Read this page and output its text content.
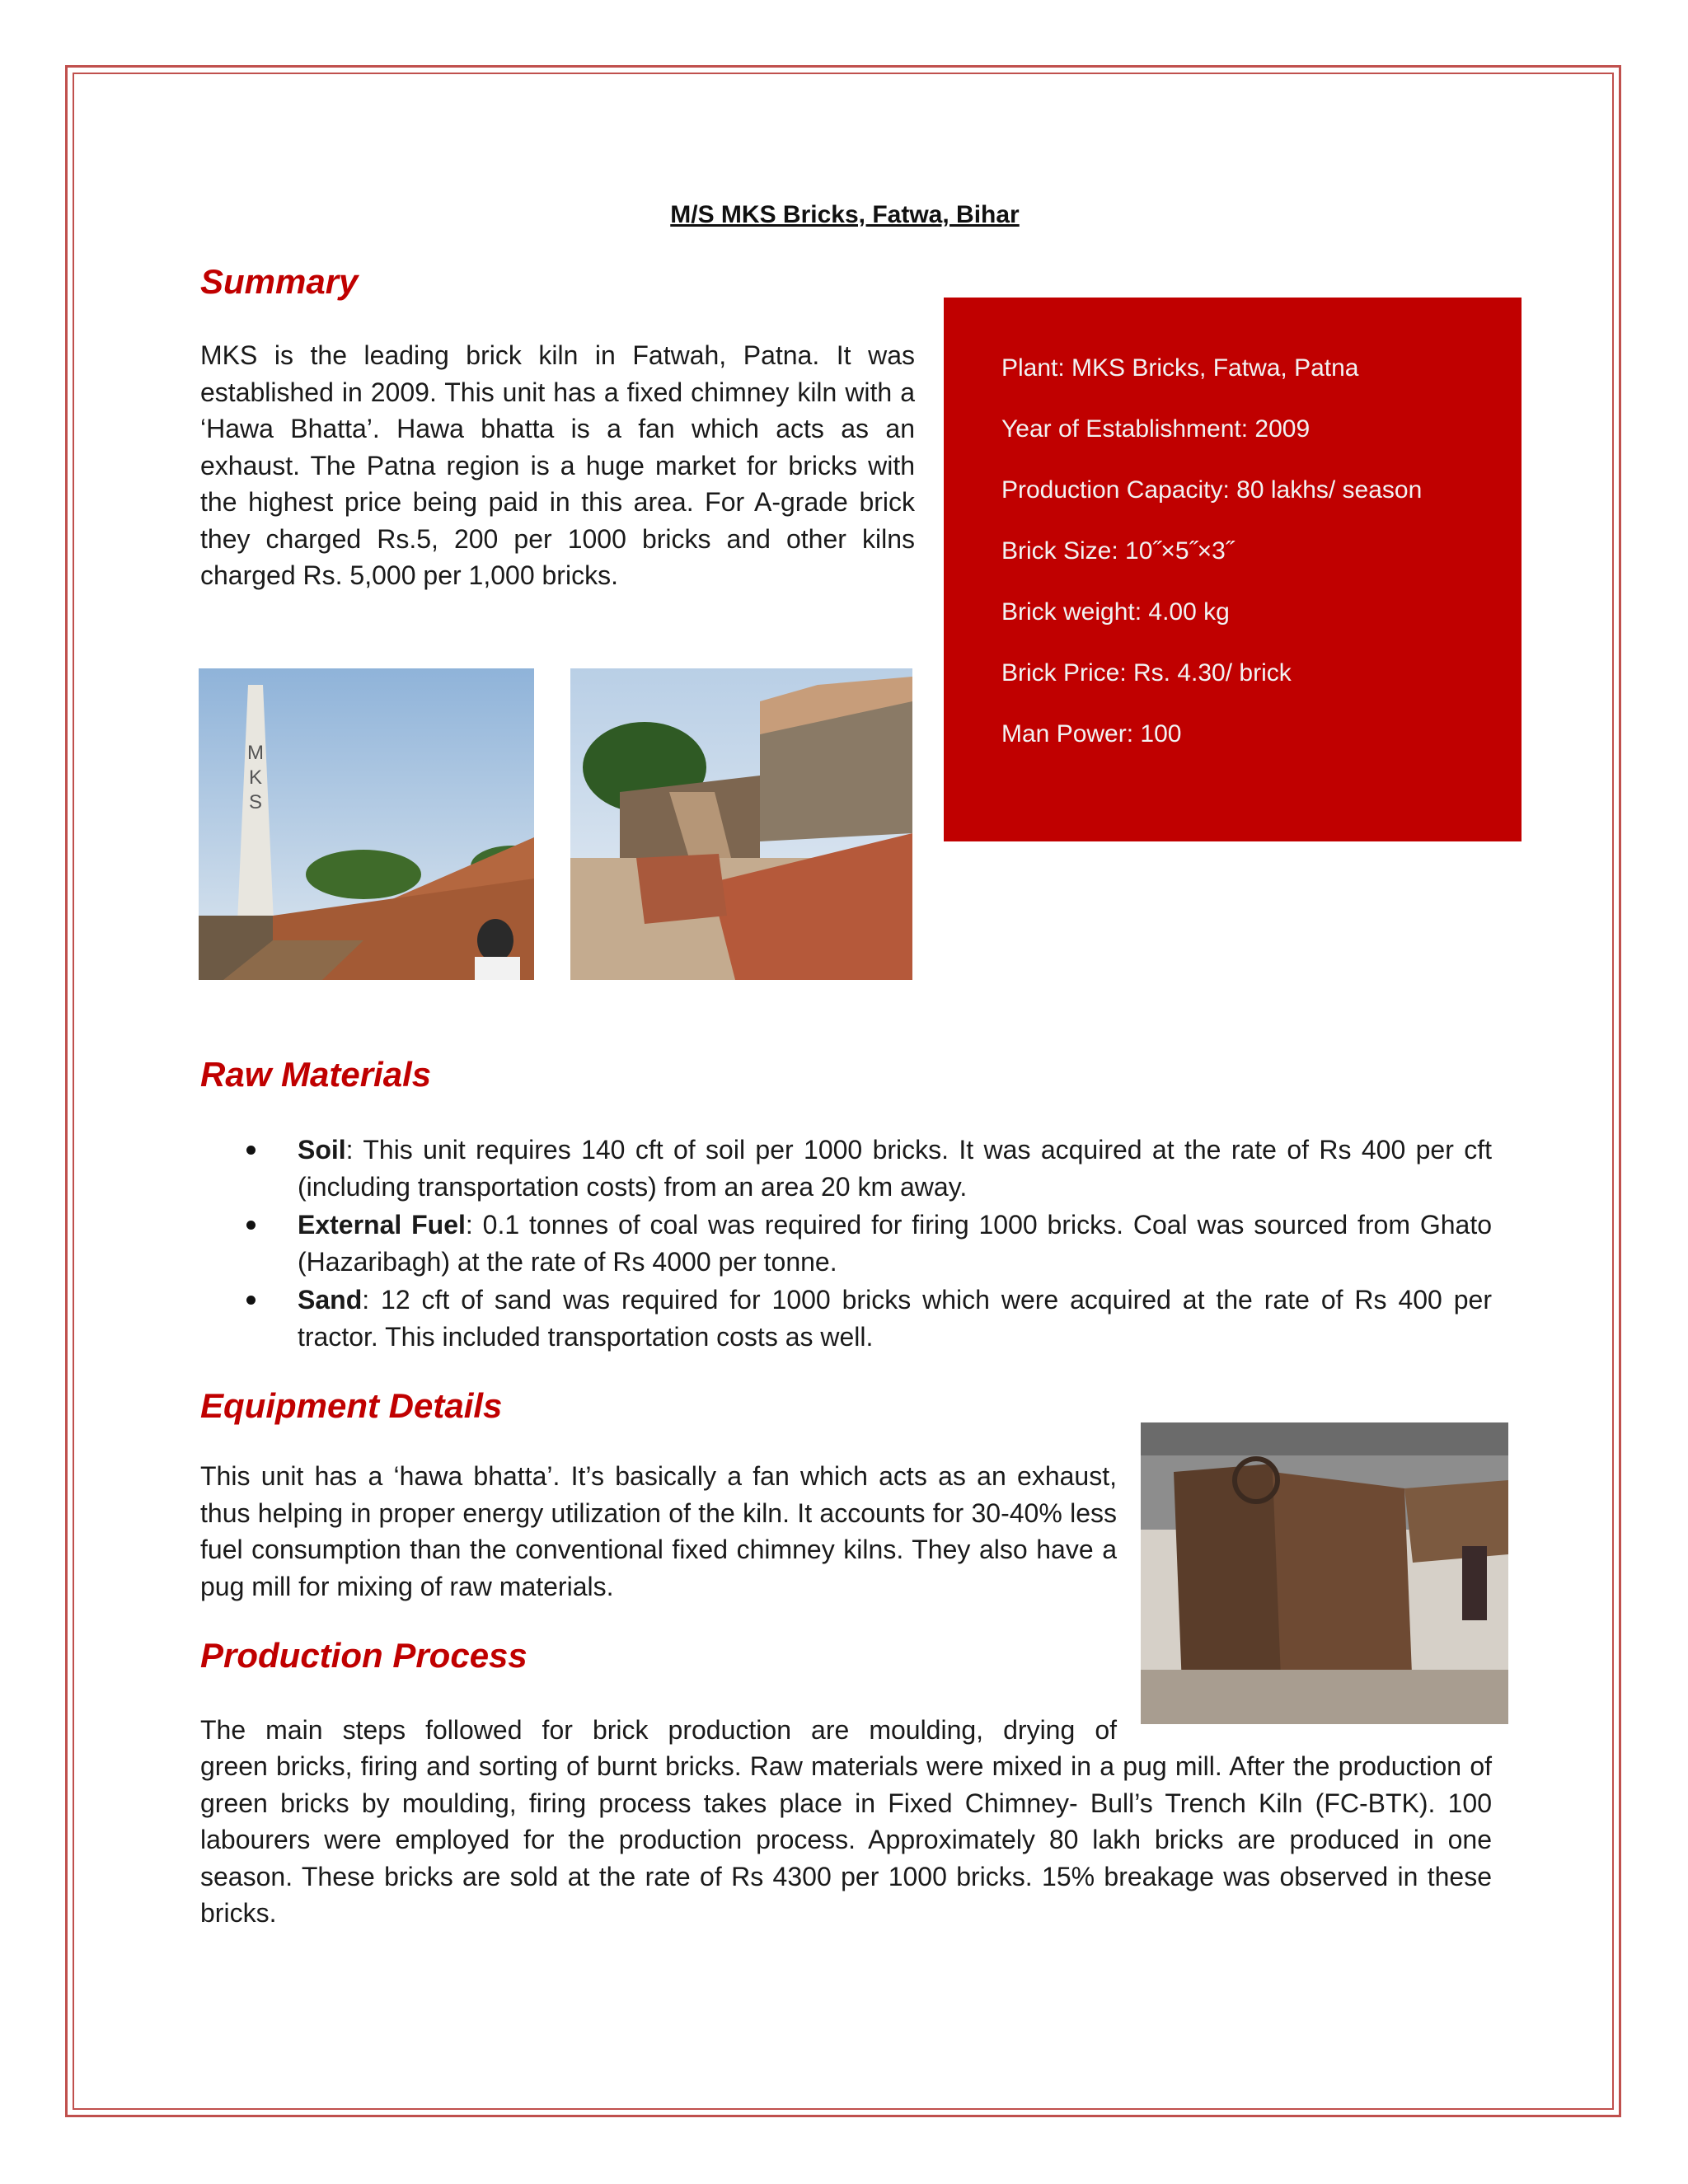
M/S MKS Bricks, Fatwa, Bihar
Summary

MKS is the leading brick kiln in Fatwah, Patna. It was established in 2009. This unit has a fixed chimney kiln with a ‘Hawa Bhatta’. Hawa bhatta is a fan which acts as an exhaust. The Patna region is a huge market for bricks with the highest price being paid in this area. For A-grade brick they charged Rs.5, 200 per 1000 bricks and other kilns charged Rs. 5,000 per 1,000 bricks.

Plant: MKS Bricks, Fatwa, Patna
Year of Establishment: 2009
Production Capacity: 80 lakhs/ season
Brick Size: 10˝×5˝×3˝
Brick weight: 4.00 kg
Brick Price: Rs. 4.30/ brick
Man Power: 100
M
K
S
Raw Materials
Soil: This unit requires 140 cft of soil per 1000 bricks. It was acquired at the rate of Rs 400 per cft (including transportation costs) from an area 20 km away.
External Fuel: 0.1 tonnes of coal was required for firing 1000 bricks. Coal was sourced from Ghato (Hazaribagh) at the rate of Rs 4000 per tonne.
Sand: 12 cft of sand was required for 1000 bricks which were acquired at the rate of Rs 400 per tractor. This included transportation costs as well.
Equipment Details

This unit has a ‘hawa bhatta’. It’s basically a fan which acts as an exhaust, thus helping in proper energy utilization of the kiln. It accounts for 30-40% less fuel consumption than the conventional fixed chimney kilns. They also have a pug mill for mixing of raw materials.

Production Process

The main steps followed for brick production are moulding, drying of

green bricks, firing and sorting of burnt bricks. Raw materials were mixed in a pug mill. After the production of green bricks by moulding, firing process takes place in Fixed Chimney- Bull’s Trench Kiln (FC-BTK). 100 labourers were employed for the production process. Approximately 80 lakh bricks are produced in one season. These bricks are sold at the rate of Rs 4300 per 1000 bricks. 15% breakage was observed in these bricks.
